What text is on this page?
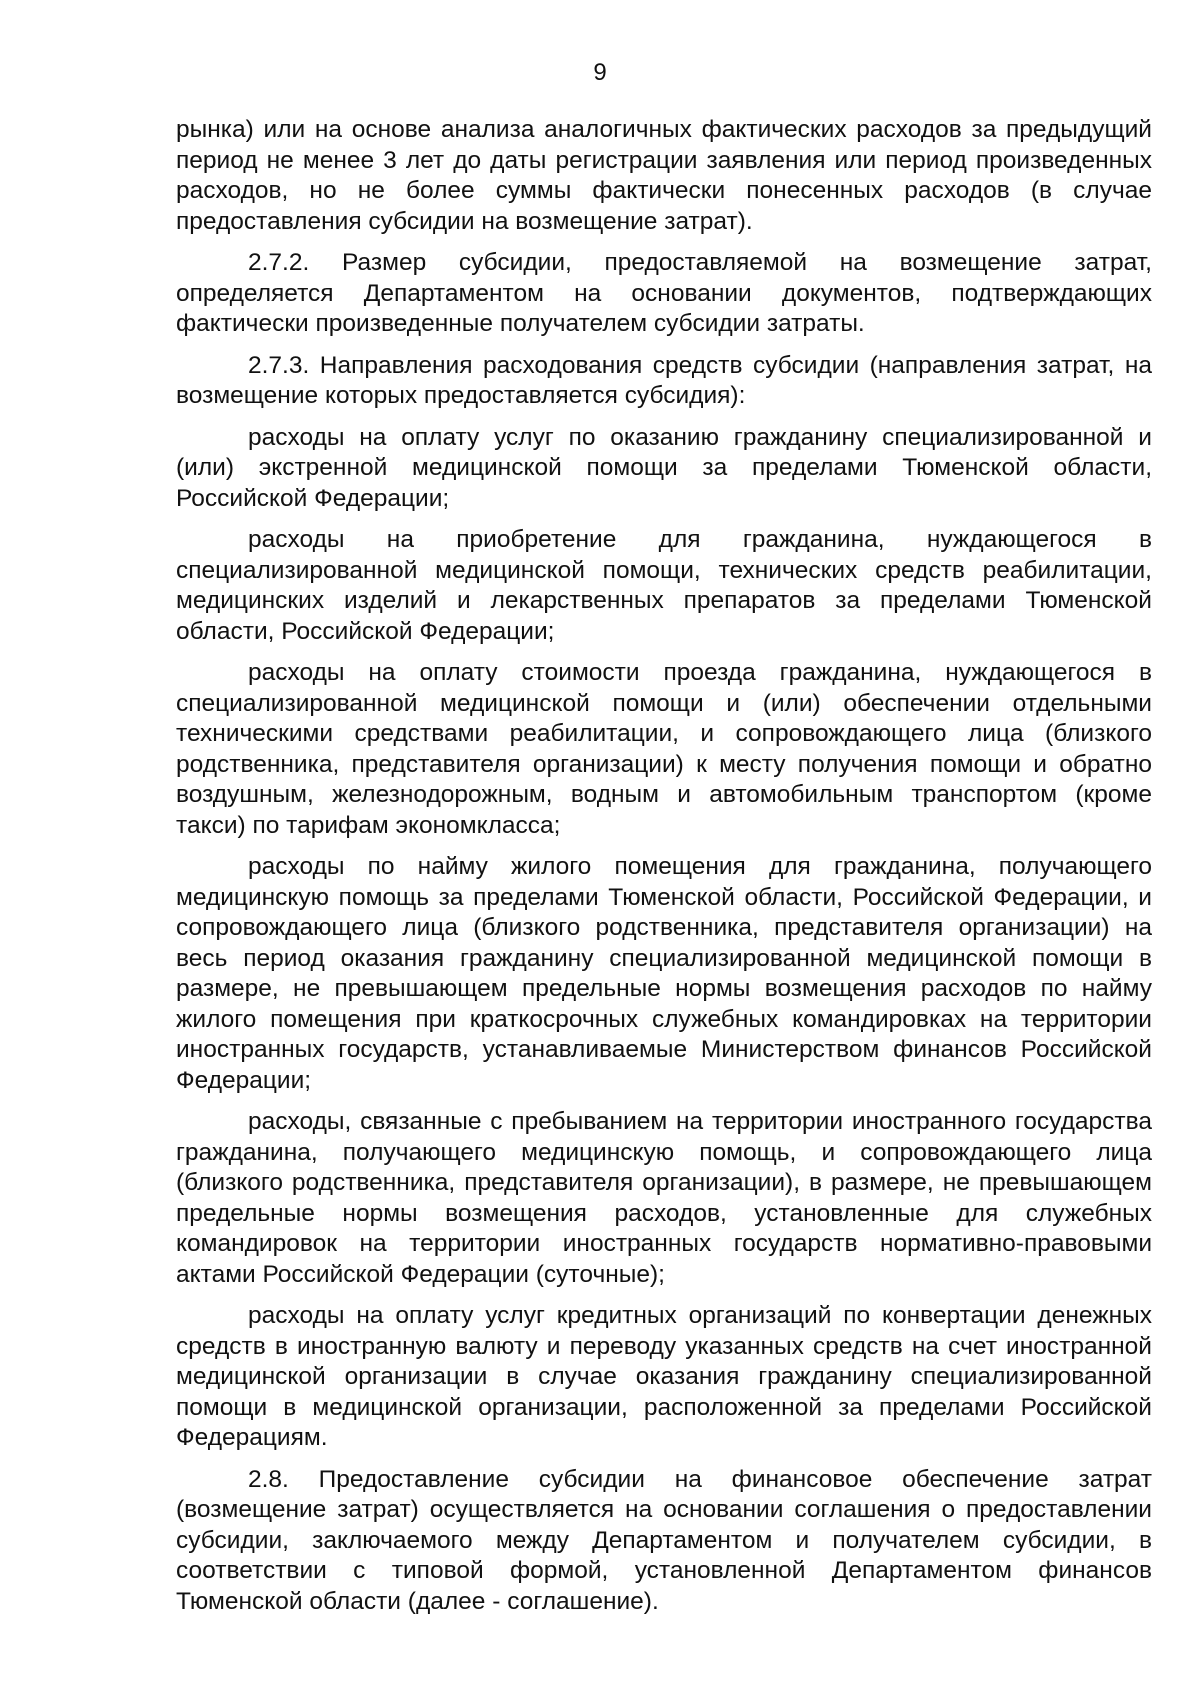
9

рынка) или на основе анализа аналогичных фактических расходов за предыдущий период не менее 3 лет до даты регистрации заявления или период произведенных расходов, но не более суммы фактически понесенных расходов (в случае предоставления субсидии на возмещение затрат).

2.7.2. Размер субсидии, предоставляемой на возмещение затрат, определяется Департаментом на основании документов, подтверждающих фактически произведенные получателем субсидии затраты.

2.7.3. Направления расходования средств субсидии (направления затрат, на возмещение которых предоставляется субсидия):

расходы на оплату услуг по оказанию гражданину специализированной и (или) экстренной медицинской помощи за пределами Тюменской области, Российской Федерации;

расходы на приобретение для гражданина, нуждающегося в специализированной медицинской помощи, технических средств реабилитации, медицинских изделий и лекарственных препаратов за пределами Тюменской области, Российской Федерации;

расходы на оплату стоимости проезда гражданина, нуждающегося в специализированной медицинской помощи и (или) обеспечении отдельными техническими средствами реабилитации, и сопровождающего лица (близкого родственника, представителя организации) к месту получения помощи и обратно воздушным, железнодорожным, водным и автомобильным транспортом (кроме такси) по тарифам экономкласса;

расходы по найму жилого помещения для гражданина, получающего медицинскую помощь за пределами Тюменской области, Российской Федерации, и сопровождающего лица (близкого родственника, представителя организации) на весь период оказания гражданину специализированной медицинской помощи в размере, не превышающем предельные нормы возмещения расходов по найму жилого помещения при краткосрочных служебных командировках на территории иностранных государств, устанавливаемые Министерством финансов Российской Федерации;

расходы, связанные с пребыванием на территории иностранного государства гражданина, получающего медицинскую помощь, и сопровождающего лица (близкого родственника, представителя организации), в размере, не превышающем предельные нормы возмещения расходов, установленные для служебных командировок на территории иностранных государств нормативно-правовыми актами Российской Федерации (суточные);

расходы на оплату услуг кредитных организаций по конвертации денежных средств в иностранную валюту и переводу указанных средств на счет иностранной медицинской организации в случае оказания гражданину специализированной помощи в медицинской организации, расположенной за пределами Российской Федерациям.

2.8. Предоставление субсидии на финансовое обеспечение затрат (возмещение затрат) осуществляется на основании соглашения о предоставлении субсидии, заключаемого между Департаментом и получателем субсидии, в соответствии с типовой формой, установленной Департаментом финансов Тюменской области (далее - соглашение).
